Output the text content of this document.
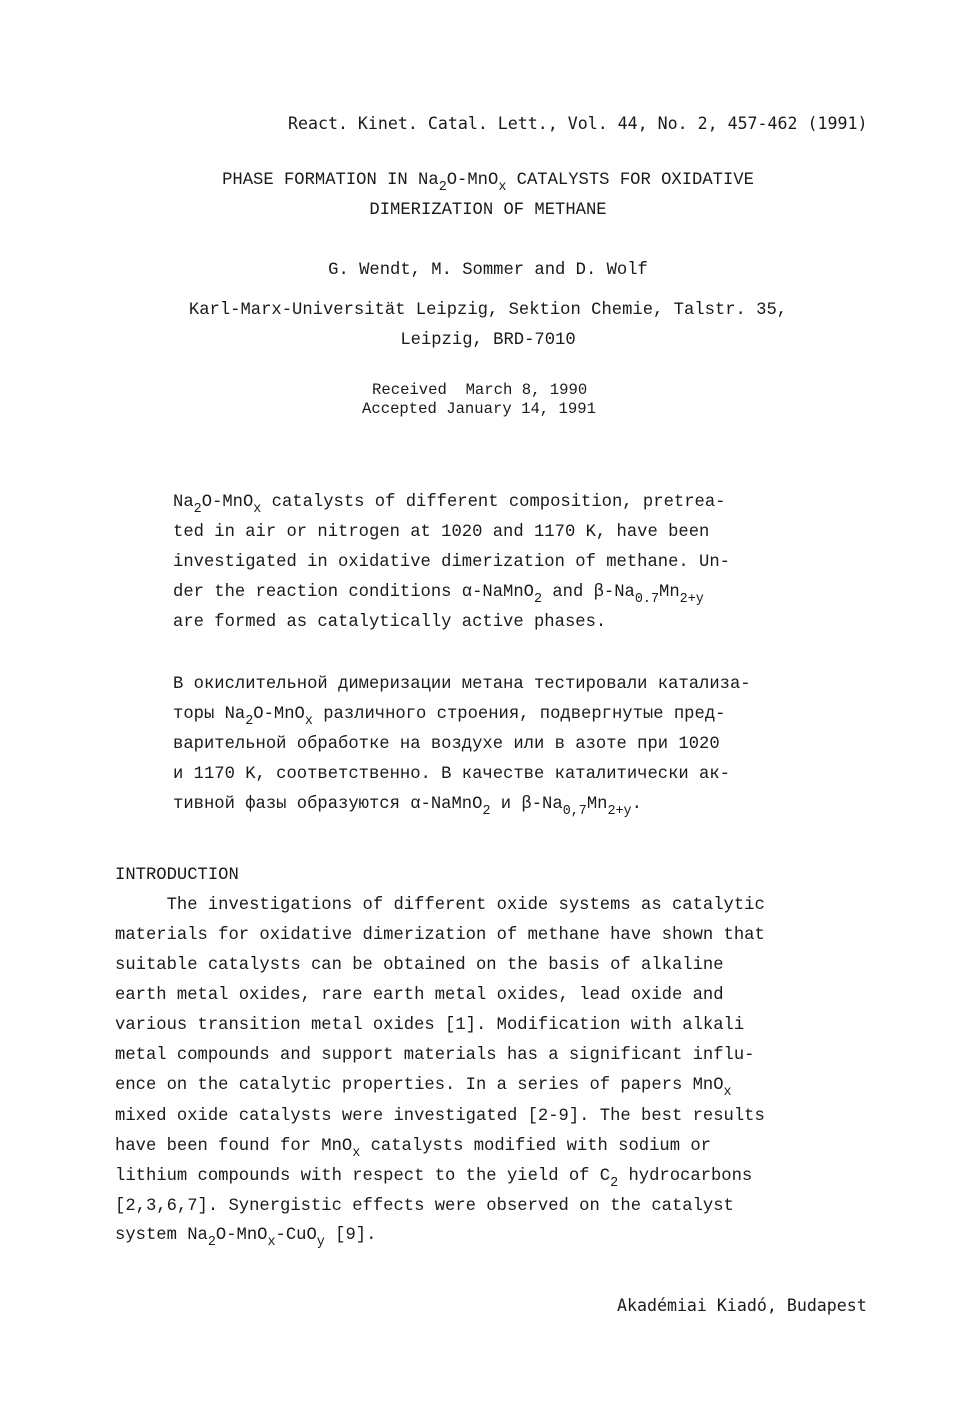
React. Kinet. Catal. Lett., Vol. 44, No. 2, 457-462 (1991)
PHASE FORMATION IN $Na_2O-MnO_x$ CATALYSTS FOR OXIDATIVE
DIMERIZATION OF METHANE
G. Wendt, M. Sommer and D. Wolf
Karl-Marx-Universität Leipzig, Sektion Chemie, Talstr. 35,
Leipzig, BRD-7010
Received  March 8, 1990
Accepted January 14, 1991
$Na_2O-MnO_x$ catalysts of different composition, pretrea-
ted in air or nitrogen at 1020 and 1170 K, have been
investigated in oxidative dimerization of methane. Un-
der the reaction conditions α-NaMnO$_2$ and $\beta-Na_{0.7}Mn_{2+y}$
are formed as catalytically active phases.
В окислительной димеризации метана тестировали катализа-
торы $Na_2O-MnO_x$ различного строения, подвергнутые пред-
варительной обработке на воздухе или в азоте при 1020
и 1170 K, соответственно. В качестве каталитически ак-
тивной фазы образуются α-NaMnO$_2$ и $\beta-Na_{0,7}Mn_{2+y}$.
INTRODUCTION
The investigations of different oxide systems as catalytic
materials for oxidative dimerization of methane have shown that
suitable catalysts can be obtained on the basis of alkaline
earth metal oxides, rare earth metal oxides, lead oxide and
various transition metal oxides [1]. Modification with alkali
metal compounds and support materials has a significant influ-
ence on the catalytic properties. In a series of papers MnO$_x$
mixed oxide catalysts were investigated [2-9]. The best results
have been found for MnO$_x$ catalysts modified with sodium or
lithium compounds with respect to the yield of $C_2$ hydrocarbons
[2,3,6,7]. Synergistic effects were observed on the catalyst
system $Na_2O-MnO_x-CuO_y$ [9].
Akadémiai Kiadó, Budapest
